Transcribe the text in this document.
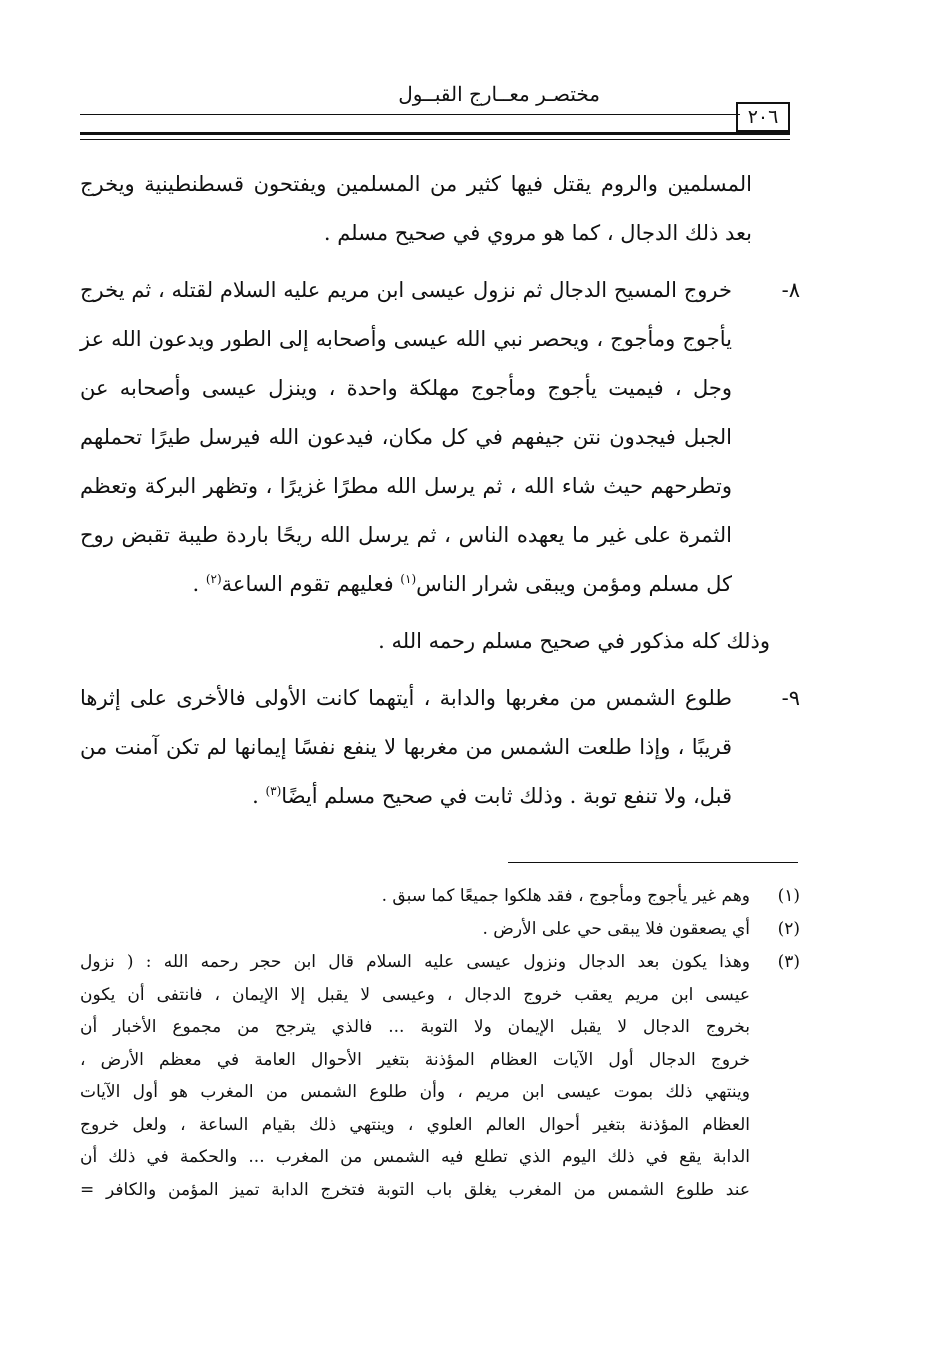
مختصـر معــارج القبــول
٢٠٦

المسلمين والروم يقتل فيها كثير من المسلمين ويفتحون قسطنطينية ويخرج بعد ذلك الدجال ، كما هو مروي في صحيح مسلم .

٨-
خروج المسيح الدجال ثم نزول عيسى ابن مريم عليه السلام لقتله ، ثم يخرج يأجوج ومأجوج ، ويحصر نبي الله عيسى وأصحابه إلى الطور ويدعون الله عز وجل ، فيميت يأجوج ومأجوج مهلكة واحدة ، وينزل عيسى وأصحابه عن الجبل فيجدون نتن جيفهم في كل مكان، فيدعون الله فيرسل طيرًا تحملهم وتطرحهم حيث شاء الله ، ثم يرسل الله مطرًا غزيرًا ، وتظهر البركة وتعظم الثمرة على غير ما يعهده الناس ، ثم يرسل الله ريحًا باردة طيبة تقبض روح كل مسلم ومؤمن ويبقى شرار الناس$^{(١)}$ فعليهم تقوم الساعة$^{(٢)}$ .

وذلك كله مذكور في صحيح مسلم رحمه الله .

٩-
طلوع الشمس من مغربها والدابة ، أيتهما كانت الأولى فالأخرى على إثرها قريبًا ، وإذا طلعت الشمس من مغربها لا ينفع نفسًا إيمانها لم تكن آمنت من قبل، ولا تنفع توبة . وذلك ثابت في صحيح مسلم أيضًا$^{(٣)}$ .
(١)
وهم غير يأجوج ومأجوج ، فقد هلكوا جميعًا كما سبق .
(٢)
أي يصعقون فلا يبقى حي على الأرض .
(٣)
وهذا يكون بعد الدجال ونزول عيسى عليه السلام قال ابن حجر رحمه الله : ( نزول
عيسى ابن مريم يعقب خروج الدجال ، وعيسى لا يقبل إلا الإيمان ، فانتفى أن يكون
بخروج الدجال لا يقبل الإيمان ولا التوبة ... فالذي يترجح من مجموع الأخبار أن
خروج الدجال أول الآيات العظام المؤذنة بتغير الأحوال العامة في معظم الأرض ،
وينتهي ذلك بموت عيسى ابن مريم ، وأن طلوع الشمس من المغرب هو أول الآيات
العظام المؤذنة بتغير أحوال العالم العلوي ، وينتهي ذلك بقيام الساعة ، ولعل خروج
الدابة يقع في ذلك اليوم الذي تطلع فيه الشمس من المغرب ... والحكمة في ذلك أن
عند طلوع الشمس من المغرب يغلق باب التوبة فتخرج الدابة تميز المؤمن والكافر =
